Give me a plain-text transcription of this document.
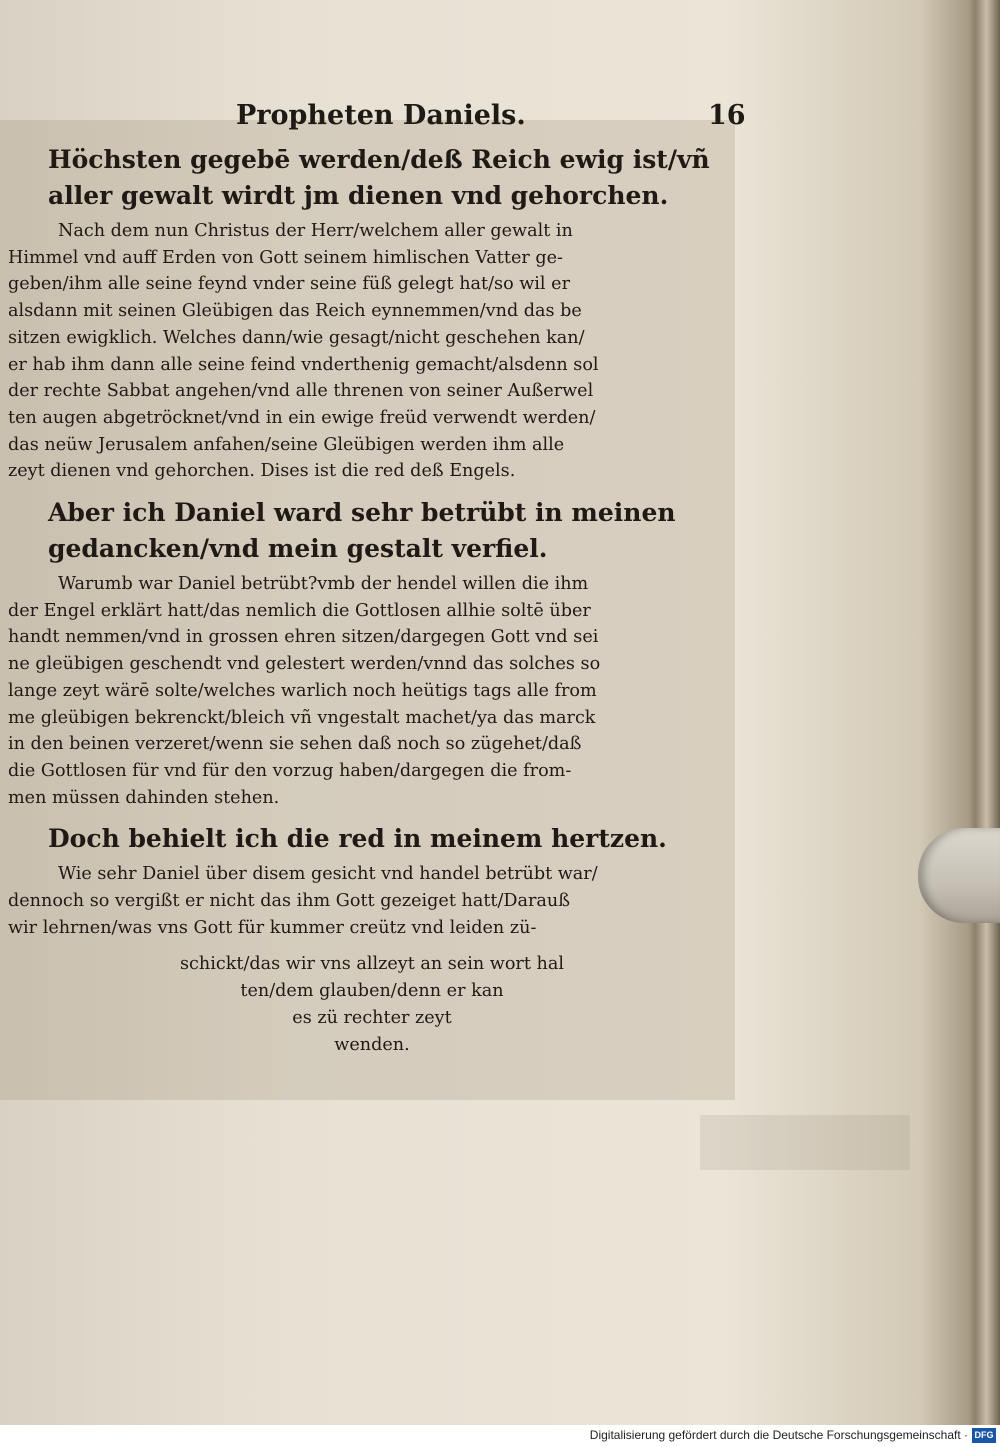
Propheten Daniels.	16
Höchsten gegebē werden/deß Reich ewig ist/vñ
aller gewalt wirdt jm dienen vnd gehorchen.
Nach dem nun Christus der Herr/welchem aller gewalt in
Himmel vnd auff Erden von Gott seinem himlischen Vatter ge-
geben/ihm alle seine feynd vnder seine füß gelegt hat/so wil er
alsdann mit seinen Gleübigen das Reich eynnemmen/vnd das be
sitzen ewigklich. Welches dann/wie gesagt/nicht geschehen kan/
er hab ihm dann alle seine feind vnderthenig gemacht/alsdenn sol
der rechte Sabbat angehen/vnd alle threnen von seiner Außerwel
ten augen abgetröcknet/vnd in ein ewige freüd verwendt werden/
das neüw Jerusalem anfahen/seine Gleübigen werden ihm alle
zeyt dienen vnd gehorchen. Dises ist die red deß Engels.
Aber ich Daniel ward sehr betrübt in meinen
gedancken/vnd mein gestalt verfiel.
Warumb war Daniel betrübt?vmb der hendel willen die ihm
der Engel erklärt hatt/das nemlich die Gottlosen allhie soltē über
handt nemmen/vnd in grossen ehren sitzen/dargegen Gott vnd sei
ne gleübigen geschendt vnd gelestert werden/vnnd das solches so
lange zeyt wärē solte/welches warlich noch heütigs tags alle from
me gleübigen bekrenckt/bleich vñ vngestalt machet/ya das marck
in den beinen verzeret/wenn sie sehen daß noch so zügehet/daß
die Gottlosen für vnd für den vorzug haben/dargegen die from-
men müssen dahinden stehen.
Doch behielt ich die red in meinem hertzen.
Wie sehr Daniel über disem gesicht vnd handel betrübt war/
dennoch so vergißt er nicht das ihm Gott gezeiget hatt/Darauß
wir lehrnen/was vns Gott für kummer creütz vnd leiden zü-
schickt/das wir vns allzeyt an sein wort hal
ten/dem glauben/denn er kan
es zü rechter zeyt
wenden.
Digitalisierung gefördert durch die Deutsche Forschungsgemeinschaft · DFG
